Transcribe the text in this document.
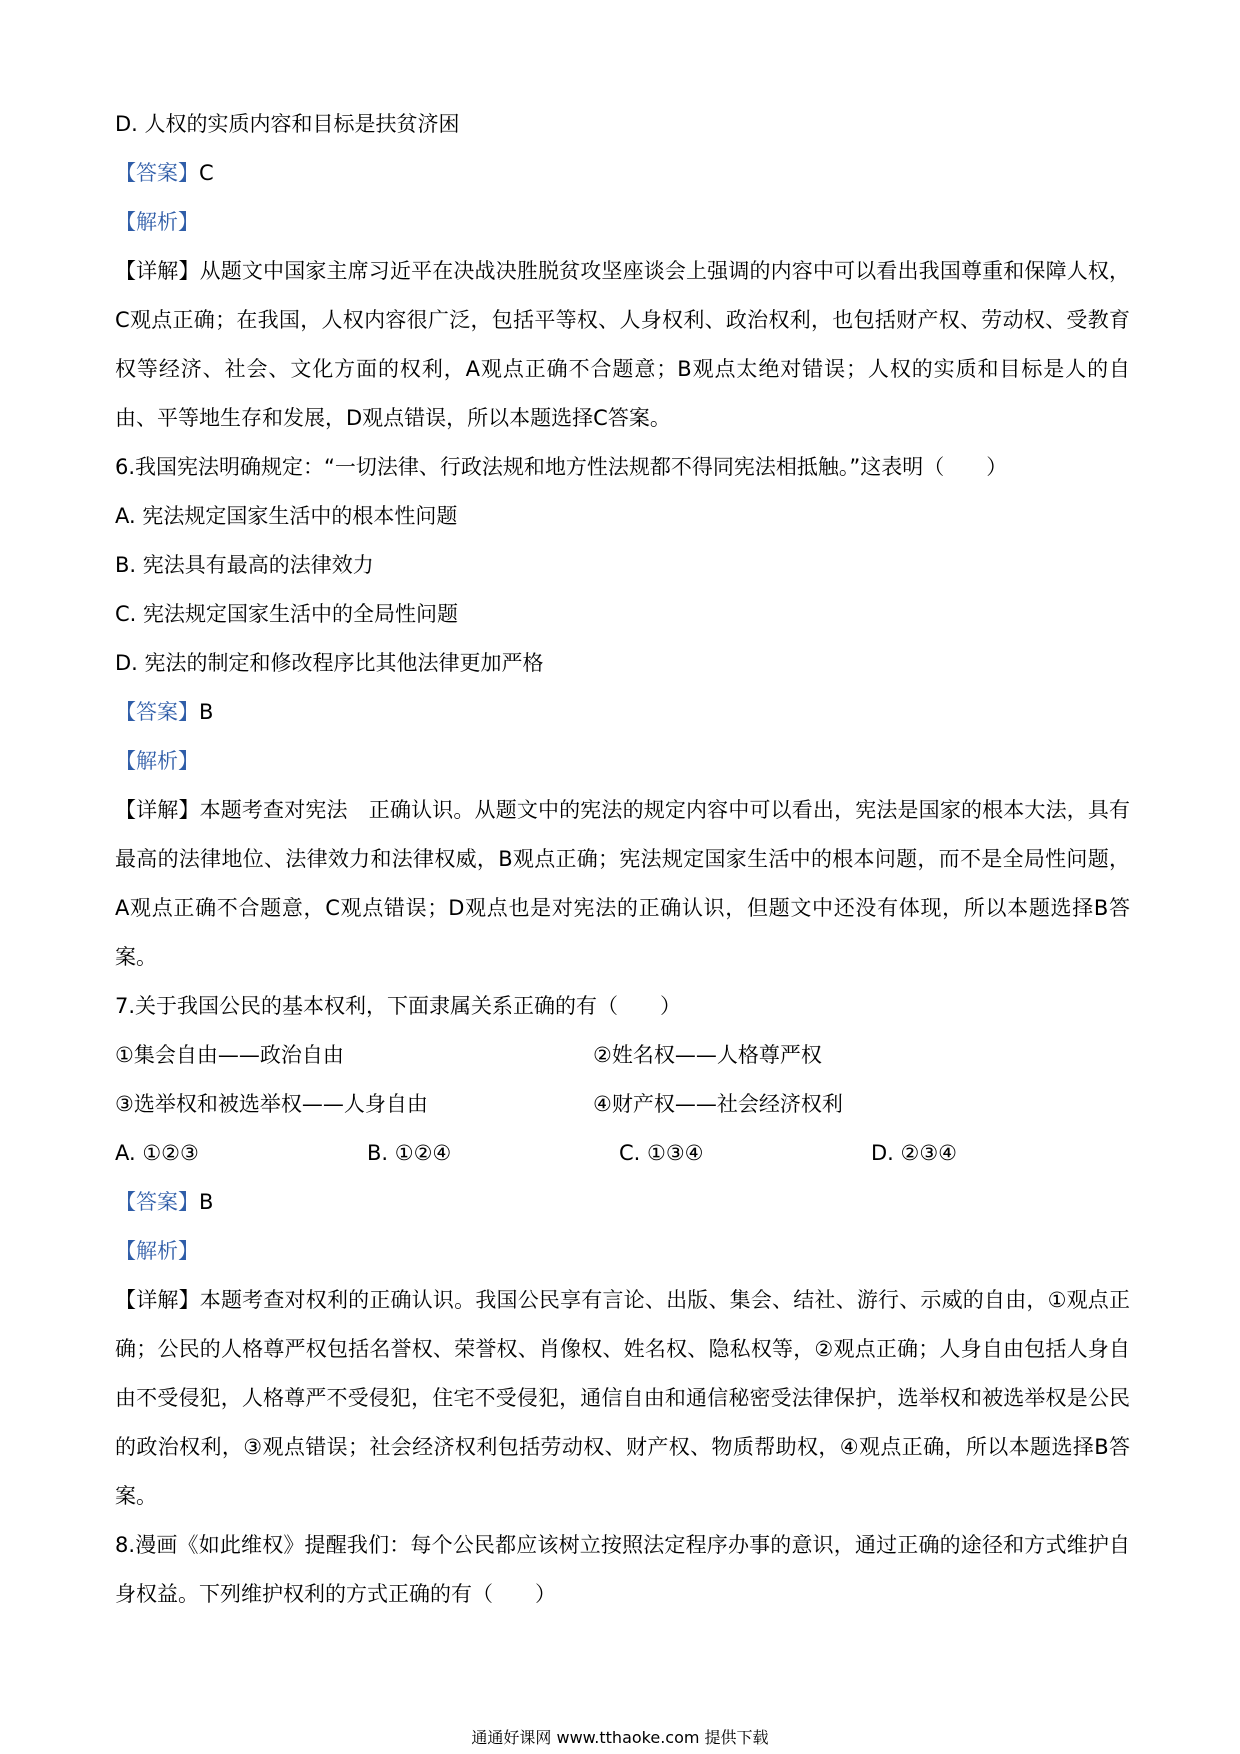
D. 人权的实质内容和目标是扶贫济困
【答案】C
【解析】
【详解】从题文中国家主席习近平在决战决胜脱贫攻坚座谈会上强调的内容中可以看出我国尊重和保障人权，C观点正确；在我国，人权内容很广泛，包括平等权、人身权利、政治权利，也包括财产权、劳动权、受教育权等经济、社会、文化方面的权利，A观点正确不合题意；B观点太绝对错误；人权的实质和目标是人的自由、平等地生存和发展，D观点错误，所以本题选择C答案。
6.我国宪法明确规定：“一切法律、行政法规和地方性法规都不得同宪法相抵触。”这表明（　　）
A. 宪法规定国家生活中的根本性问题
B. 宪法具有最高的法律效力
C. 宪法规定国家生活中的全局性问题
D. 宪法的制定和修改程序比其他法律更加严格
【答案】B
【解析】
【详解】本题考查对宪法　正确认识。从题文中的宪法的规定内容中可以看出，宪法是国家的根本大法，具有最高的法律地位、法律效力和法律权威，B观点正确；宪法规定国家生活中的根本问题，而不是全局性问题，A观点正确不合题意，C观点错误；D观点也是对宪法的正确认识，但题文中还没有体现，所以本题选择B答案。
7.关于我国公民的基本权利，下面隶属关系正确的有（　　）
①集会自由——政治自由	②姓名权——人格尊严权
③选举权和被选举权——人身自由	④财产权——社会经济权利
A. ①②③	B. ①②④	C. ①③④	D. ②③④
【答案】B
【解析】
【详解】本题考查对权利的正确认识。我国公民享有言论、出版、集会、结社、游行、示威的自由，①观点正确；公民的人格尊严权包括名誉权、荣誉权、肖像权、姓名权、隐私权等，②观点正确；人身自由包括人身自由不受侵犯，人格尊严不受侵犯，住宅不受侵犯，通信自由和通信秘密受法律保护，选举权和被选举权是公民的政治权利，③观点错误；社会经济权利包括劳动权、财产权、物质帮助权，④观点正确，所以本题选择B答案。
8.漫画《如此维权》提醒我们：每个公民都应该树立按照法定程序办事的意识，通过正确的途径和方式维护自身权益。下列维护权利的方式正确的有（　　）
通通好课网 www.tthaoke.com 提供下载
